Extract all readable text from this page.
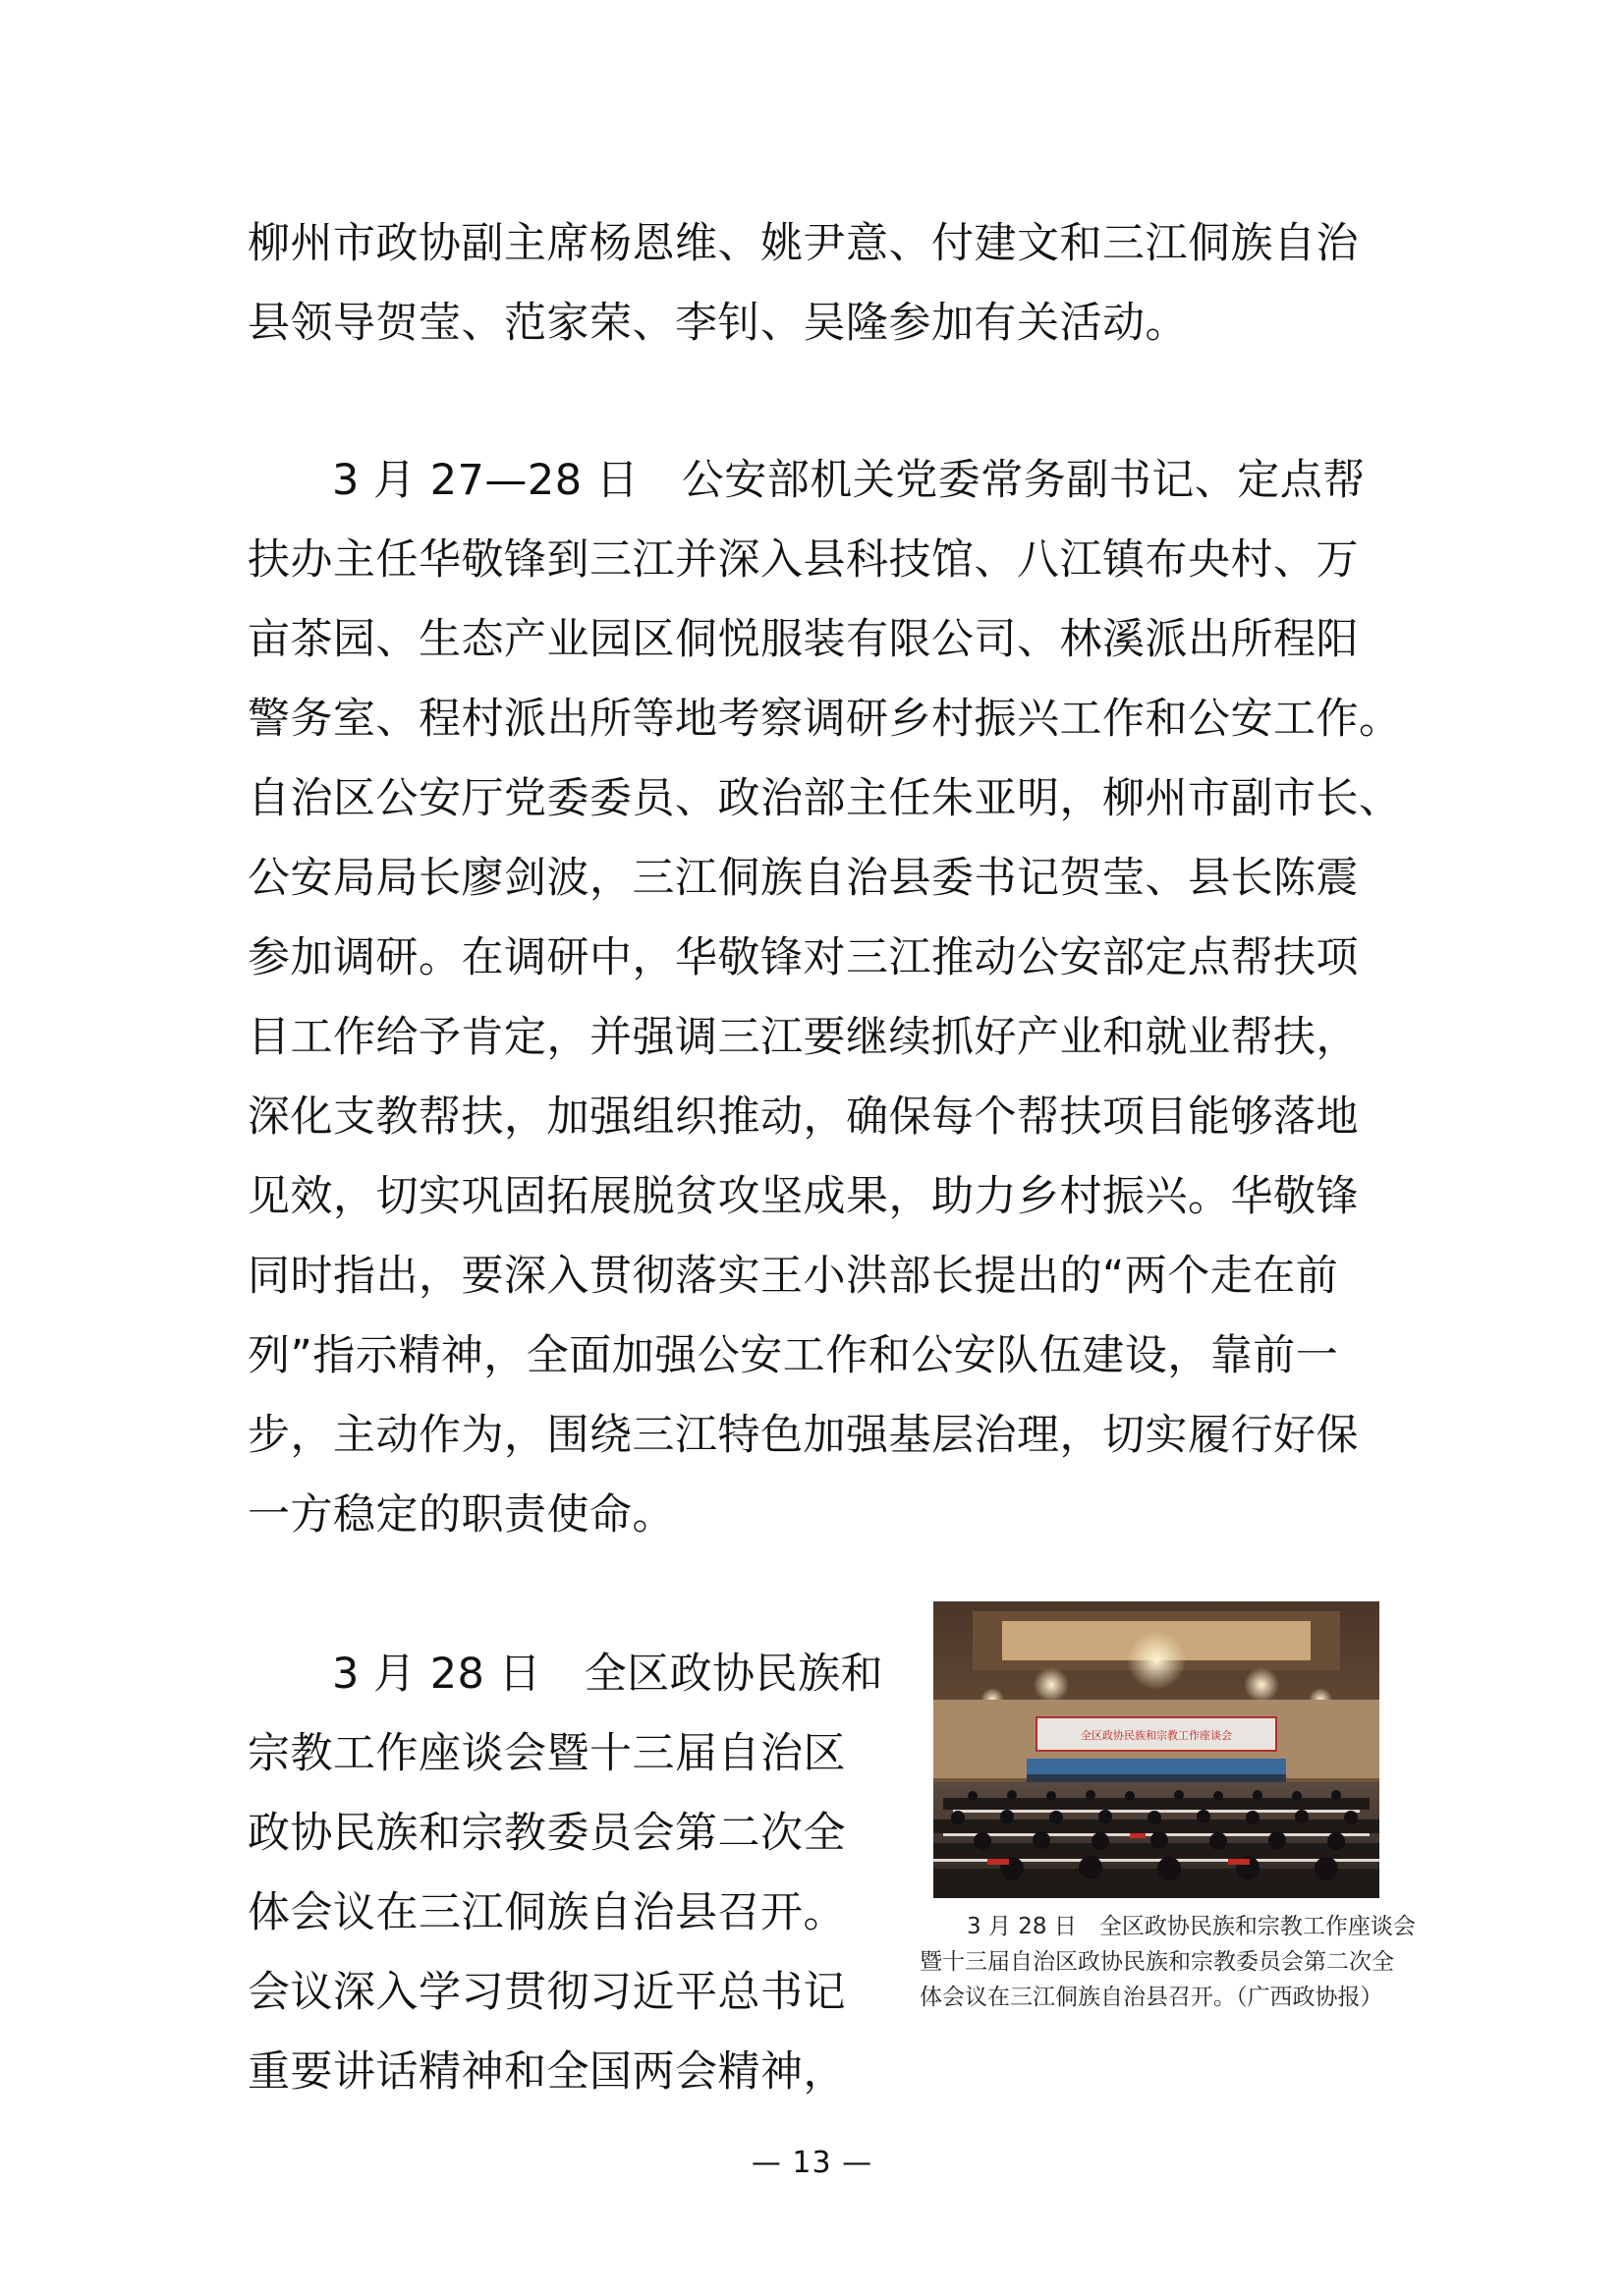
柳州市政协副主席杨恩维、姚尹意、付建文和三江侗族自治
县领导贺莹、范家荣、李钊、吴隆参加有关活动。

3 月 27—28 日　公安部机关党委常务副书记、定点帮
扶办主任华敬锋到三江并深入县科技馆、八江镇布央村、万
亩茶园、生态产业园区侗悦服装有限公司、林溪派出所程阳
警务室、程村派出所等地考察调研乡村振兴工作和公安工作。
自治区公安厅党委委员、政治部主任朱亚明，柳州市副市长、
公安局局长廖剑波，三江侗族自治县委书记贺莹、县长陈震
参加调研。在调研中，华敬锋对三江推动公安部定点帮扶项
目工作给予肯定，并强调三江要继续抓好产业和就业帮扶，
深化支教帮扶，加强组织推动，确保每个帮扶项目能够落地
见效，切实巩固拓展脱贫攻坚成果，助力乡村振兴。华敬锋
同时指出，要深入贯彻落实王小洪部长提出的“两个走在前
列”指示精神，全面加强公安工作和公安队伍建设，靠前一
步，主动作为，围绕三江特色加强基层治理，切实履行好保
一方稳定的职责使命。

3 月 28 日　全区政协民族和
宗教工作座谈会暨十三届自治区
政协民族和宗教委员会第二次全
体会议在三江侗族自治县召开。
会议深入学习贯彻习近平总书记
重要讲话精神和全国两会精神，

全区政协民族和宗教工作座谈会
3 月 28 日　全区政协民族和宗教工作座谈会
暨十三届自治区政协民族和宗教委员会第二次全
体会议在三江侗族自治县召开。（广西政协报）
— 13 —
